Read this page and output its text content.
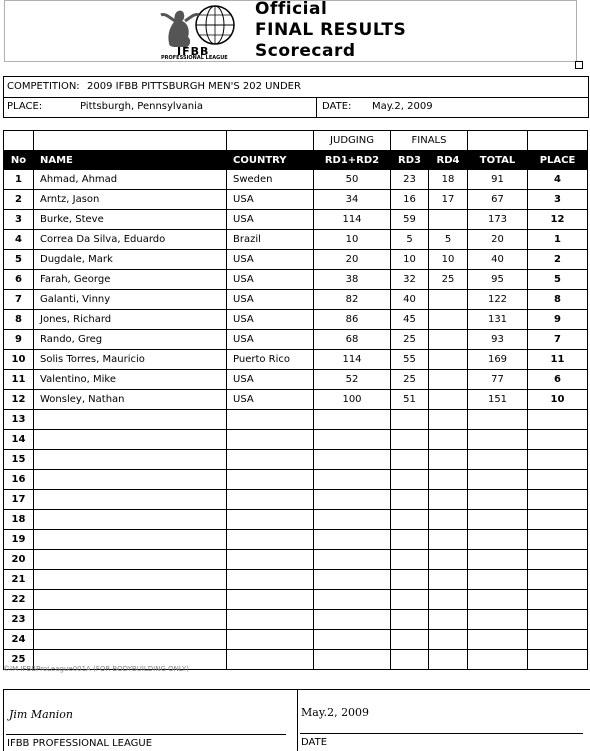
IFBB
PROFESSIONAL LEAGUE
Official
FINAL RESULTS
Scorecard
COMPETITION: 2009 IFBB PITTSBURGH MEN'S 202 UNDER
PLACE:	Pittsburgh, Pennsylvania	DATE: May.2, 2009
			JUDGING	FINALS			
No	NAME	COUNTRY	RD1+RD2	RD3	RD4	TOTAL	PLACE
1	Ahmad, Ahmad	Sweden	50	23	18	91	4
2	Arntz, Jason	USA	34	16	17	67	3
3	Burke, Steve	USA	114	59		173	12
4	Correa Da Silva, Eduardo	Brazil	10	5	5	20	1
5	Dugdale, Mark	USA	20	10	10	40	2
6	Farah, George	USA	38	32	25	95	5
7	Galanti, Vinny	USA	82	40		122	8
8	Jones, Richard	USA	86	45		131	9
9	Rando, Greg	USA	68	25		93	7
10	Solis Torres, Mauricio	Puerto Rico	114	55		169	11
11	Valentino, Mike	USA	52	25		77	6
12	Wonsley, Nathan	USA	100	51		151	10
13							
14							
15							
16							
17							
18							
19							
20							
21							
22							
23							
24							
25							
©IM IFBBProLeague001A (FOR BODYBUILDING ONLY)
Jim Manion
IFBB PROFESSIONAL LEAGUE
May.2, 2009
DATE
